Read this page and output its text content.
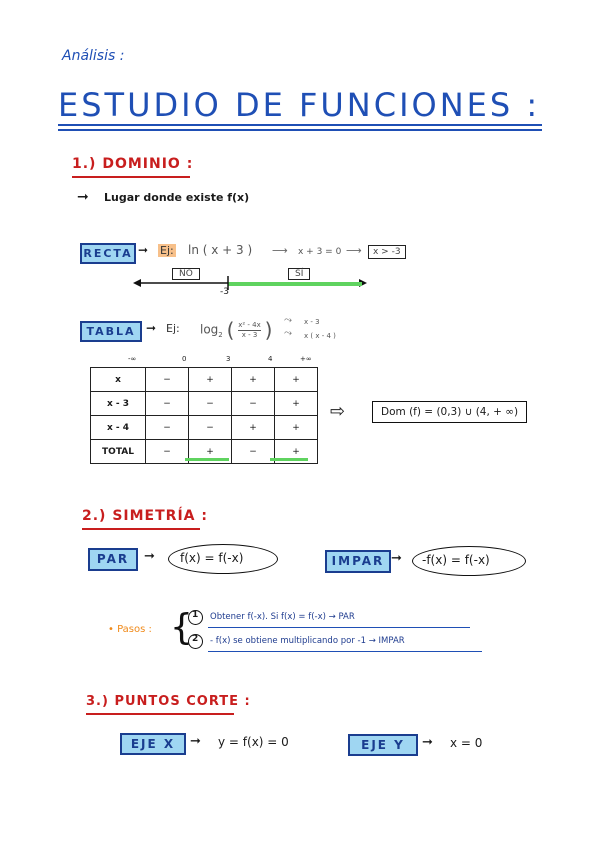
Análisis :
ESTUDIO DE FUNCIONES :
1.) DOMINIO :
➞ Lugar donde existe f(x)
RECTA ➞ Ej: ln ( x + 3 ) ⟶ x + 3 = 0 ⟶	x > -3
NO	SÍ
-3
TABLA ➞ Ej: $\log_2$ ( $\frac{\text{x² - 4x}}{x - 3}$ ) ⤳
⤳
x - 3
x ( x - 4 )
-∞	0	3	4	+∞
x	−	+	+	+
x - 3	−	−	−	+
x - 4	−	−	+	+
TOTAL	−	+	−	+
⇨	Dom (f) = (0,3) ∪ (4, + ∞)
2.) SIMETRÍA :
PAR	➞ f(x) = f(-x)	IMPAR ➞ -f(x) = f(-x)
• Pasos : { 1 Obtener f(-x). Si f(x) = f(-x) → PAR
2 - f(x) se obtiene multiplicando por -1 → IMPAR
3.) PUNTOS CORTE :
EJE X	➞ y = f(x) = 0	EJE Y	➞ x = 0
